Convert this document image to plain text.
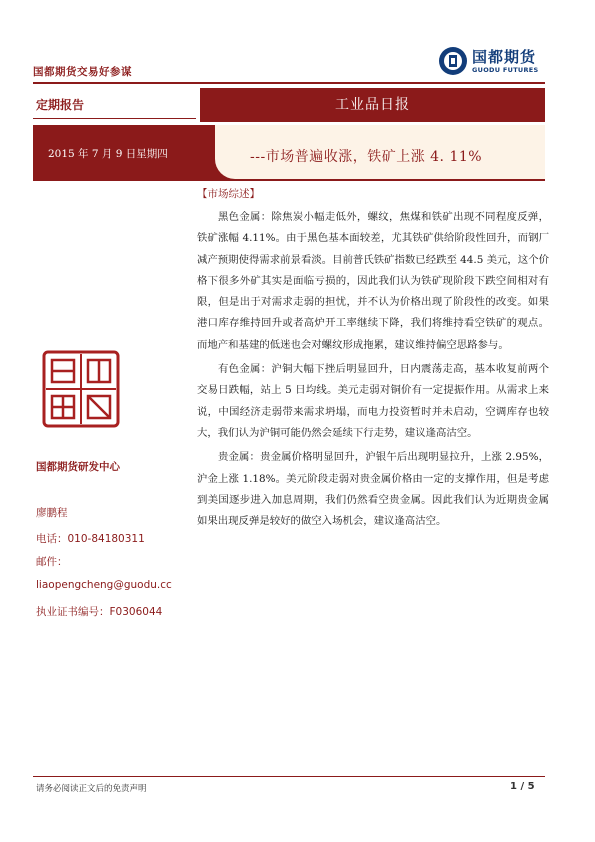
国都期货交易好参谋
国都期货
GUODU FUTURES
定期报告	工业品日报
2015 年 7 月 9 日星期四	---市场普遍收涨，铁矿上涨 4. 11%
国都期货研发中心
廖鹏程
电话：010-84180311
邮件：
liaopengcheng@guodu.cc
执业证书编号：F0306044
【市场综述】

黑色金属：除焦炭小幅走低外，螺纹，焦煤和铁矿出现不同程度反弹，铁矿涨幅 4.11%。由于黑色基本面较差，尤其铁矿供给阶段性回升，而钢厂减产预期使得需求前景看淡。目前普氏铁矿指数已经跌至 44.5 美元，这个价格下很多外矿其实是面临亏损的，因此我们认为铁矿现阶段下跌空间相对有限，但是出于对需求走弱的担忧，并不认为价格出现了阶段性的改变。如果港口库存维持回升或者高炉开工率继续下降，我们将维持看空铁矿的观点。而地产和基建的低迷也会对螺纹形成拖累，建议维持偏空思路参与。

有色金属：沪铜大幅下挫后明显回升，日内震荡走高，基本收复前两个交易日跌幅，站上 5 日均线。美元走弱对铜价有一定提振作用。从需求上来说，中国经济走弱带来需求坍塌，而电力投资暂时并未启动，空调库存也较大，我们认为沪铜可能仍然会延续下行走势，建议逢高沽空。

贵金属：贵金属价格明显回升，沪银午后出现明显拉升，上涨 2.95%，沪金上涨 1.18%。美元阶段走弱对贵金属价格由一定的支撑作用，但是考虑到美国逐步进入加息周期，我们仍然看空贵金属。因此我们认为近期贵金属如果出现反弹是较好的做空入场机会，建议逢高沽空。

请务必阅读正文后的免责声明	1 / 5
